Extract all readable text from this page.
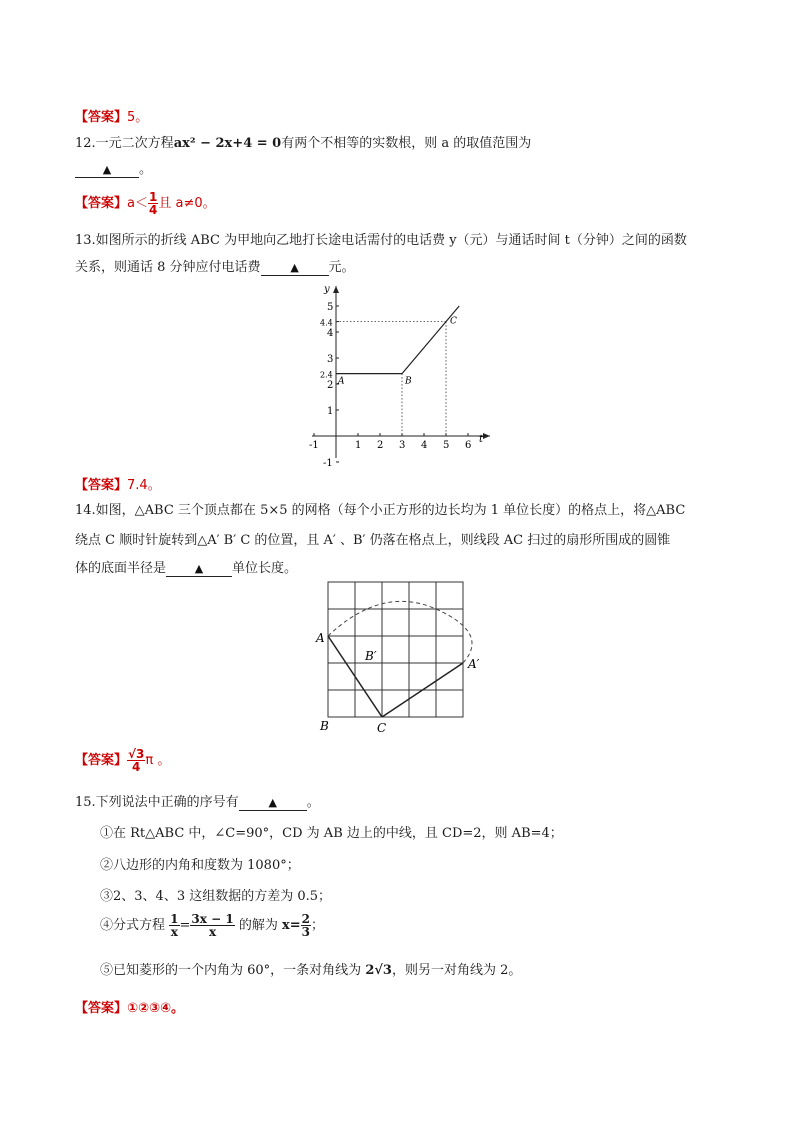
【答案】5。
12.一元二次方程ax² − 2x+4 = 0有两个不相等的实数根，则 a 的取值范围为
▲ 。
【答案】$a< \frac{1}{4}$ 且 a≠0。
13.如图所示的折线 ABC 为甲地向乙地打长途电话需付的电话费 y（元）与通话时间 t（分钟）之间的函数
关系，则通话 8 分钟应付电话费	▲ 元。
-1	1 2 3 4 5 6
-1
1
2
2.4
3
4
4.4
5
t
y
A	B
C
【答案】7.4。
14.如图，△ABC 三个顶点都在 5×5 的网格（每个小正方形的边长均为 1 单位长度）的格点上，将△ABC
绕点 C 顺时针旋转到△A′ B′ C 的位置，且 A′ 、B′ 仍落在格点上，则线段 AC 扫过的扇形所围成的圆锥
体的底面半径是	▲ 单位长度。
A
B	C
A′
B′
【答案】 $\frac{√3}{4}$ π 。
15.下列说法中正确的序号有	▲ 。
①在 Rt△ABC 中，∠C=90°，CD 为 AB 边上的中线，且 CD=2，则 AB=4；
②八边形的内角和度数为 1080°；
③2、3、4、3 这组数据的方差为 0.5；
④分式方程 $\frac{1}{x} = \frac{3x - 1}{x}$ 的解为 $x= \frac{2}{3}$ ；
⑤已知菱形的一个内角为 60°，一条对角线为 2√3，则另一对角线为 2。
【答案】①②③④。
